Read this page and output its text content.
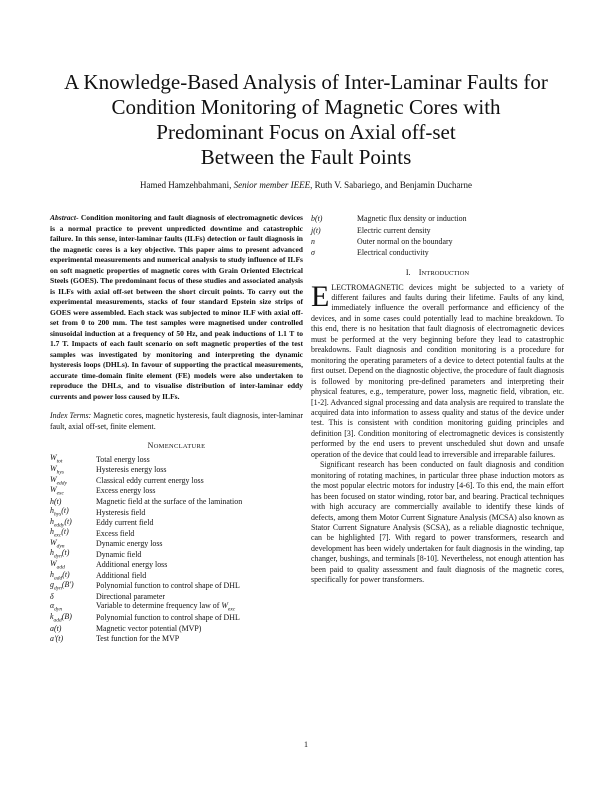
A Knowledge-Based Analysis of Inter-Laminar Faults for
Condition Monitoring of Magnetic Cores with
Predominant Focus on Axial off-set
Between the Fault Points
Hamed Hamzehbahmani, Senior member IEEE, Ruth V. Sabariego, and Benjamin Ducharne
Abstract- Condition monitoring and fault diagnosis of electromagnetic devices is a normal practice to prevent unpredicted downtime and catastrophic failure. In this sense, inter-laminar faults (ILFs) detection or fault diagnosis in the magnetic cores is a key objective. This paper aims to present advanced experimental measurements and numerical analysis to study influence of ILFs on soft magnetic properties of magnetic cores with Grain Oriented Electrical Steels (GOES). The predominant focus of these studies and associated analysis is ILFs with axial off-set between the short circuit points. To carry out the experimental measurements, stacks of four standard Epstein size strips of GOES were assembled. Each stack was subjected to minor ILF with axial off-set from 0 to 200 mm. The test samples were magnetised under controlled sinusoidal induction at a frequency of 50 Hz, and peak inductions of 1.1 T to 1.7 T. Impacts of each fault scenario on soft magnetic properties of the test samples was investigated by monitoring and interpreting the dynamic hysteresis loops (DHLs). In favour of supporting the practical measurements, accurate time-domain finite element (FE) models were also undertaken to reproduce the DHLs, and to visualise distribution of inter-laminar eddy currents and power loss caused by ILFs.
Index Terms: Magnetic cores, magnetic hysteresis, fault diagnosis, inter-laminar fault, axial off-set, finite element.
NOMENCLATURE
$W_{tot}$	Total energy loss
$W_{hys}$	Hysteresis energy loss
$W_{eddy}$	Classical eddy current energy loss
$W_{exc}$	Excess energy loss
h(t)	Magnetic field at the surface of the lamination
$h_{hys}(t)$	Hysteresis field
$h_{eddy}(t)$	Eddy current field
$h_{exc}(t)$	Excess field
$W_{dyn}$	Dynamic energy loss
$h_{dyn}(t)$	Dynamic field
$W_{add}$	Additional energy loss
$h_{add}(t)$	Additional field
$g_{dyn}(B')$	Polynomial function to control shape of DHL
δ	Directional parameter
$\alpha_{dyn}$	Variable to determine frequency law of $W_{exc}$
$k_{add}(B)$	Polynomial function to control shape of DHL
a(t)	Magnetic vector potential (MVP)
a'(t)	Test function for the MVP
b(t)	Magnetic flux density or induction
j(t)	Electric current density
n	Outer normal on the boundary
σ	Electrical conductivity
I. INTRODUCTION

ELECTROMAGNETIC devices might be subjected to a variety of different failures and faults during their lifetime. Faults of any kind, immediately influence the overall performance and efficiency of the devices, and in some cases could potentially lead to machine breakdown. To this end, there is no hesitation that fault diagnosis of electromagnetic devices must be performed at the very beginning before they lead to catastrophic breakdowns. Fault diagnosis and condition monitoring is a procedure for monitoring the operating parameters of a device to detect potential faults at the first outset. Depend on the diagnostic objective, the procedure of fault diagnosis is followed by monitoring pre-defined parameters and interpreting their physical features, e.g., temperature, power loss, magnetic field, vibration, etc. [1-2]. Advanced signal processing and data analysis are required to translate the acquired data into information to assess quality and status of the device under test. This is consistent with condition monitoring guiding principles and definition [3]. Condition monitoring of electromagnetic devices is consistently performed by the end users to prevent unscheduled shut down and unsafe operation of the device that could lead to irreversible and irreparable failures.

Significant research has been conducted on fault diagnosis and condition monitoring of rotating machines, in particular three phase induction motors as the most popular electric motors for industry [4-6]. To this end, the main effort has been focused on stator winding, rotor bar, and bearing. Practical techniques with high accuracy are commercially available to identify these kinds of defects, among them Motor Current Signature Analysis (MCSA) also known as Stator Current Signature Analysis (SCSA), as a reliable diagnostic technique, can be highlighted [7]. With regard to power transformers, research and development has been widely undertaken for fault diagnosis in the winding, tap changer, bushings, and terminals [8-10]. Nevertheless, not enough attention has been paid to quality assessment and fault diagnosis of the magnetic cores, specifically for power transformers.

1
